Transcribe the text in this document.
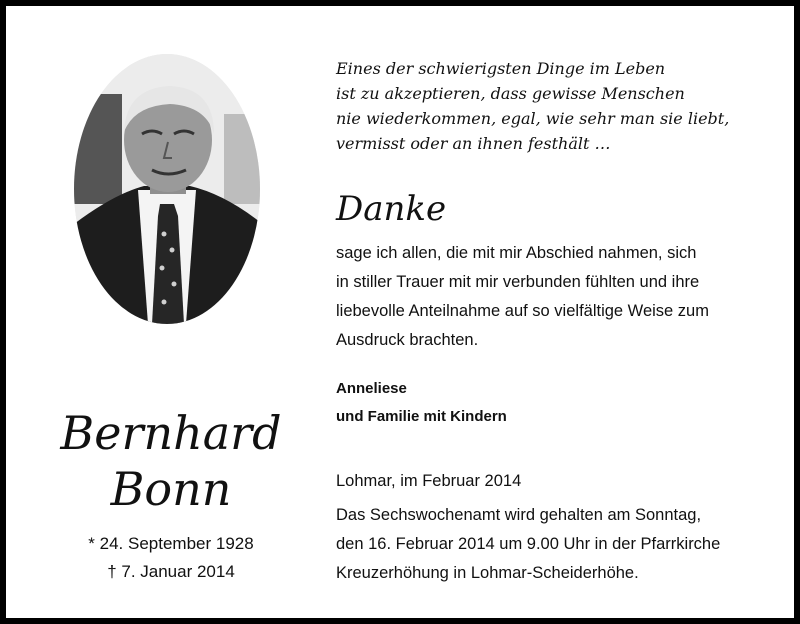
Bernhard
Bonn
* 24. September 1928
† 7. Januar 2014
Eines der schwierigsten Dinge im Leben
ist zu akzeptieren, dass gewisse Menschen
nie wiederkommen, egal, wie sehr man sie liebt,
vermisst oder an ihnen festhält …
Danke
sage ich allen, die mit mir Abschied nahmen, sich
in stiller Trauer mit mir verbunden fühlten und ihre
liebevolle Anteilnahme auf so vielfältige Weise zum
Ausdruck brachten.
Anneliese
und Familie mit Kindern
Lohmar, im Februar 2014
Das Sechswochenamt wird gehalten am Sonntag,
den 16. Februar 2014 um 9.00 Uhr in der Pfarrkirche
Kreuzerhöhung in Lohmar-Scheiderhöhe.
